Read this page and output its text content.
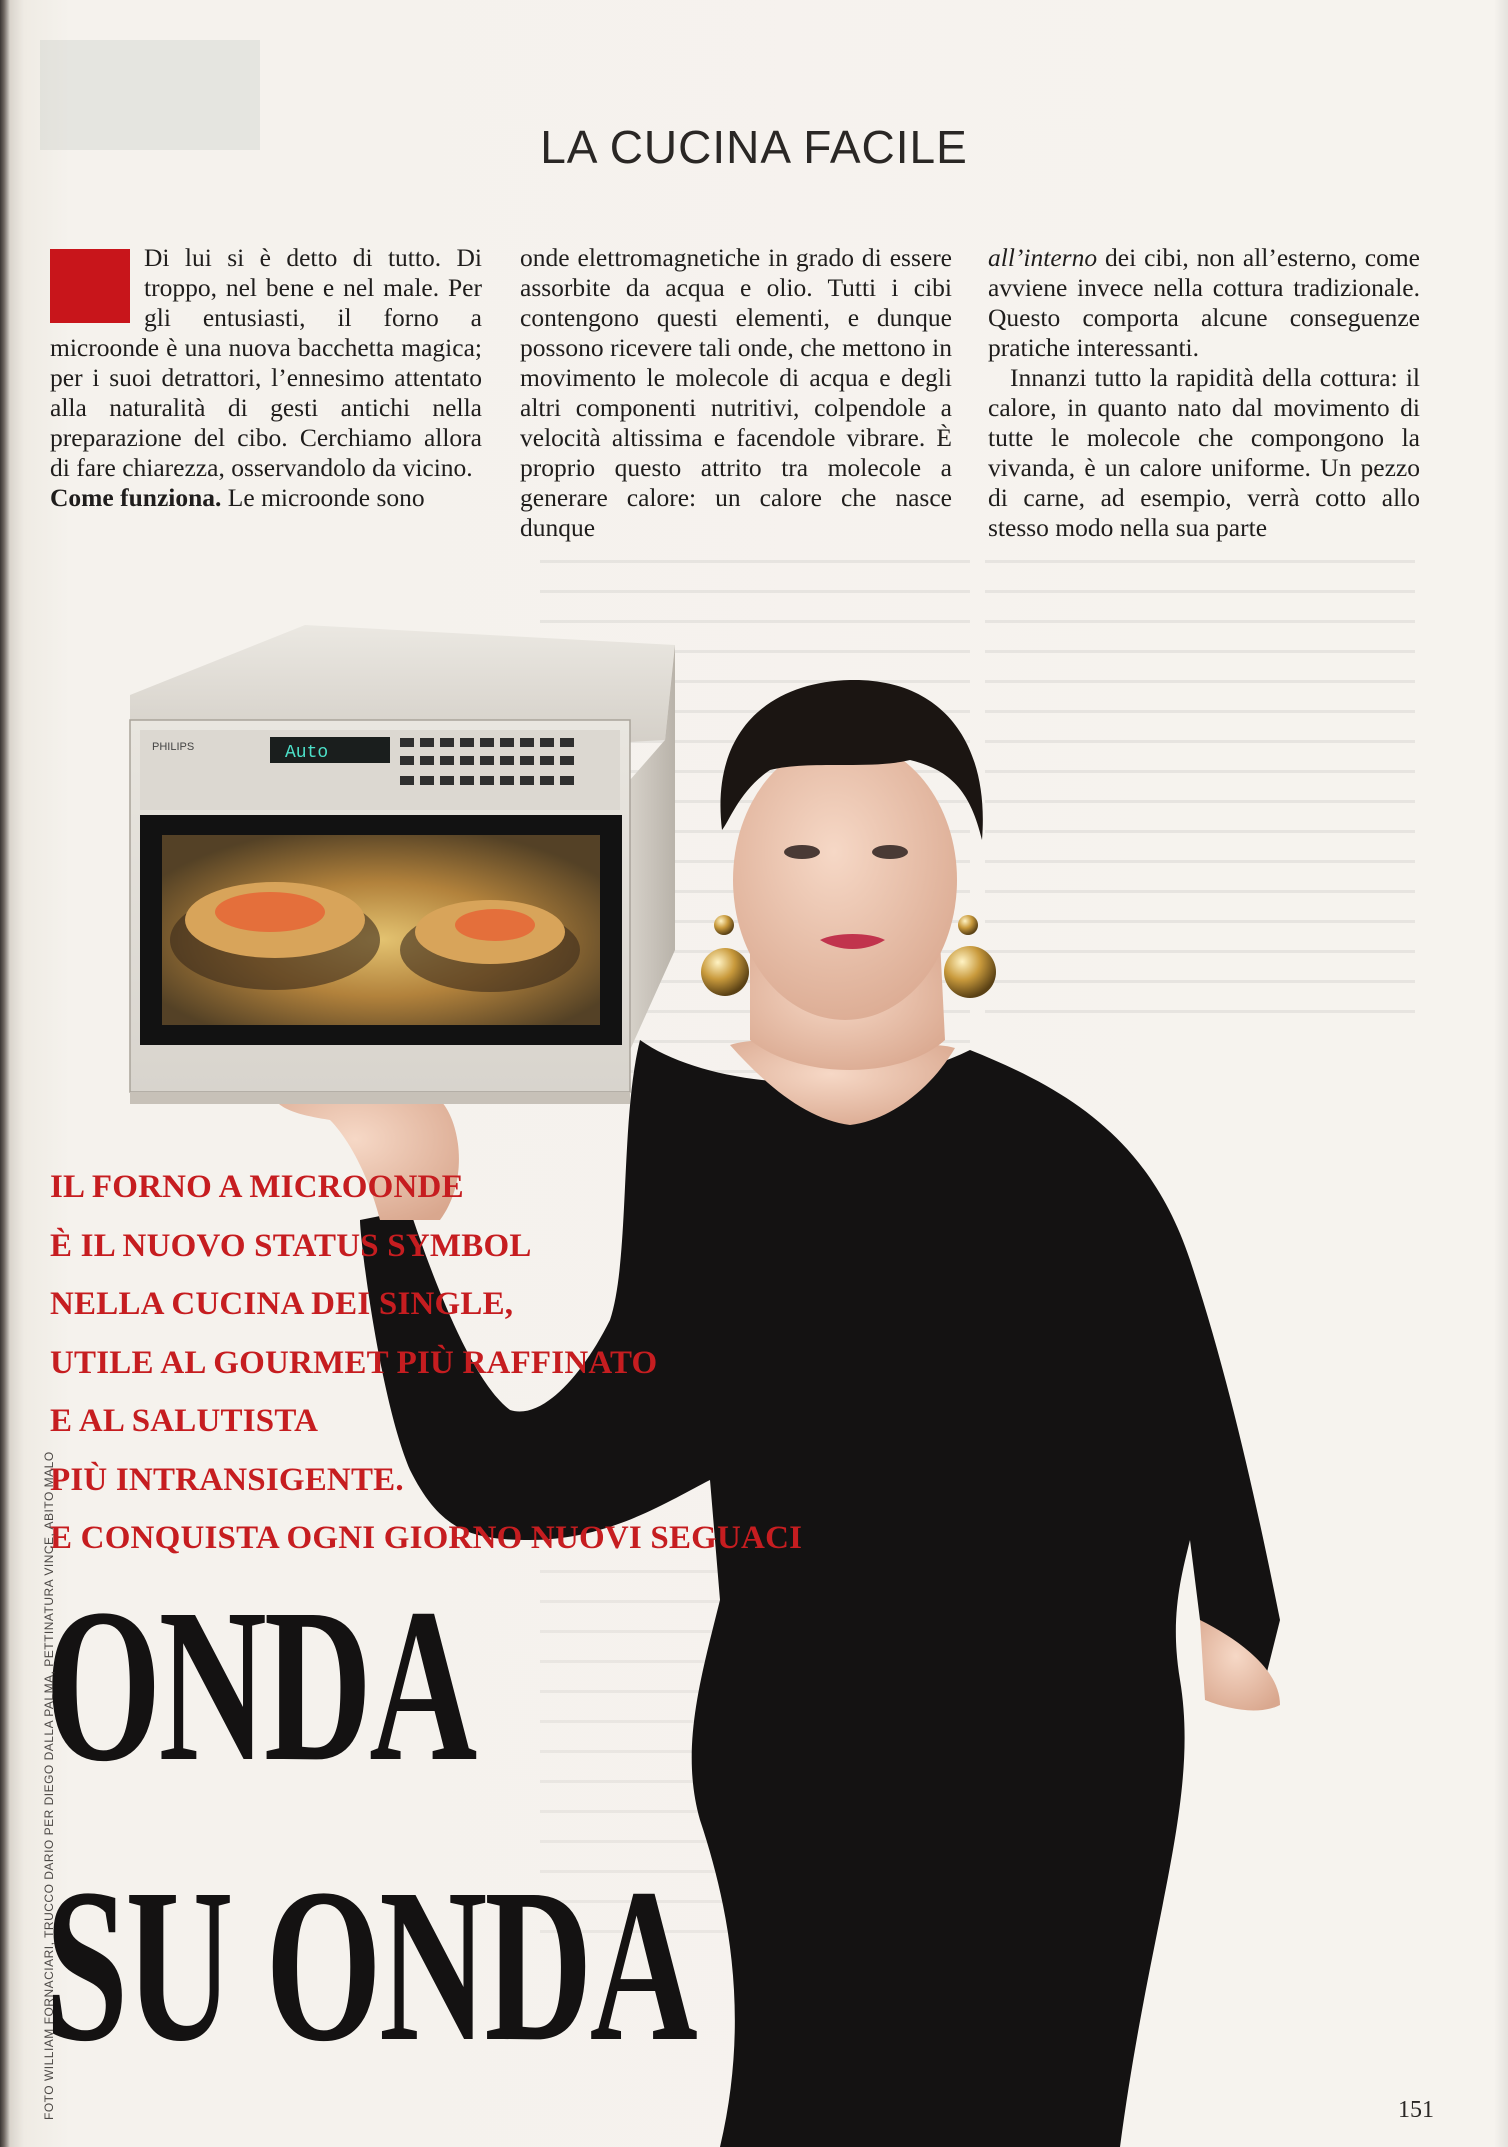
LA CUCINA FACILE

Di lui si è detto di tutto. Di troppo, nel bene e nel male. Per gli entusiasti, il forno a microonde è una nuova bacchetta magica; per i suoi detrattori, l’ennesimo attentato alla naturalità di gesti antichi nella preparazione del cibo. Cerchiamo allora di fare chiarezza, osservandolo da vicino.
Come funziona. Le microonde sono

onde elettromagnetiche in grado di essere assorbite da acqua e olio. Tutti i cibi contengono questi elementi, e dunque possono ricevere tali onde, che mettono in movimento le molecole di acqua e degli altri componenti nutritivi, colpendole a velocità altissima e facendole vibrare. È proprio questo attrito tra molecole a generare calore: un calore che nasce dunque

all’interno dei cibi, non all’esterno, come avviene invece nella cottura tradizionale. Questo comporta alcune conseguenze pratiche interessanti.

Innanzi tutto la rapidità della cottura: il calore, in quanto nato dal movimento di tutte le molecole che compongono la vivanda, è un calore uniforme. Un pezzo di carne, ad esempio, verrà cotto allo stesso modo nella sua parte

PHILIPS	Auto
IL FORNO A MICROONDE
È IL NUOVO STATUS SYMBOL
NELLA CUCINA DEI SINGLE,
UTILE AL GOURMET PIÙ RAFFINATO
E AL SALUTISTA
PIÙ INTRANSIGENTE.
E CONQUISTA OGNI GIORNO NUOVI SEGUACI
ONDA
SU ONDA
FOTO WILLIAM FORNACIARI, TRUCCO DARIO PER DIEGO DALLA PALMA, PETTINATURA VINCE, ABITO MALO	151
